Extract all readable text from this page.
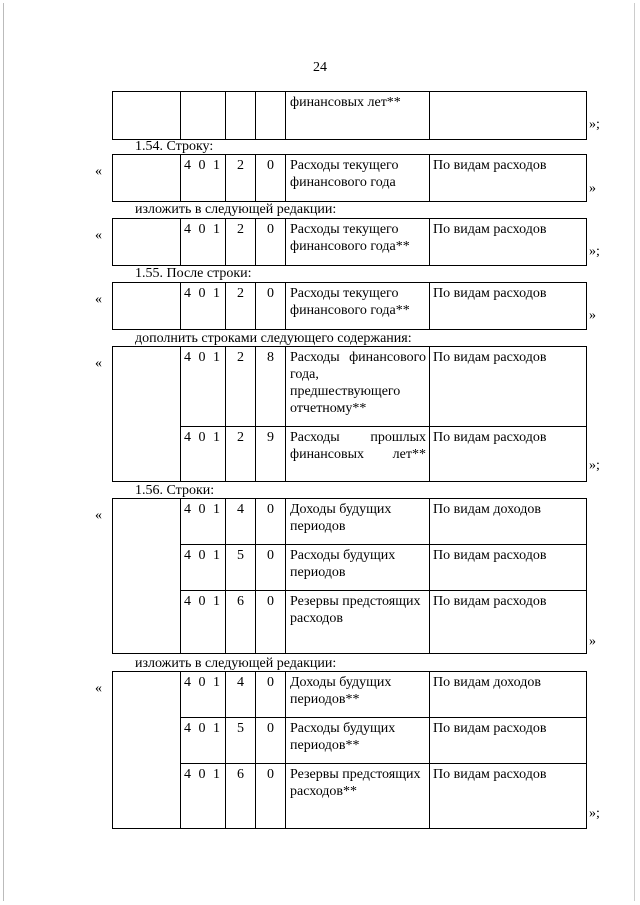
24
				финансовых лет**	
»;
1.54. Строку:
«
		4 0 1	2	0	Расходы текущего финансового года	По видам расходов
»
изложить в следующей редакции:
«
		4 0 1	2	0	Расходы текущего финансового года**	По видам расходов
»;
1.55. После строки:
«
		4 0 1	2	0	Расходы текущего финансового года**	По видам расходов
»
дополнить строками следующего содержания:
«
		4 0 1	2	8	Расходы финансового года, предшествующего отчетному**	По видам расходов
	4 0 1	2	9	Расходы прошлых финансовых лет**	По видам расходов
»;
1.56. Строки:
«
		4 0 1	4	0	Доходы будущих периодов	По видам доходов
	4 0 1	5	0	Расходы будущих периодов	По видам расходов
	4 0 1	6	0	Резервы предстоящих расходов	По видам расходов
»
изложить в следующей редакции:
«
		4 0 1	4	0	Доходы будущих периодов**	По видам доходов
	4 0 1	5	0	Расходы будущих периодов**	По видам расходов
	4 0 1	6	0	Резервы предстоящих расходов**	По видам расходов
»;
